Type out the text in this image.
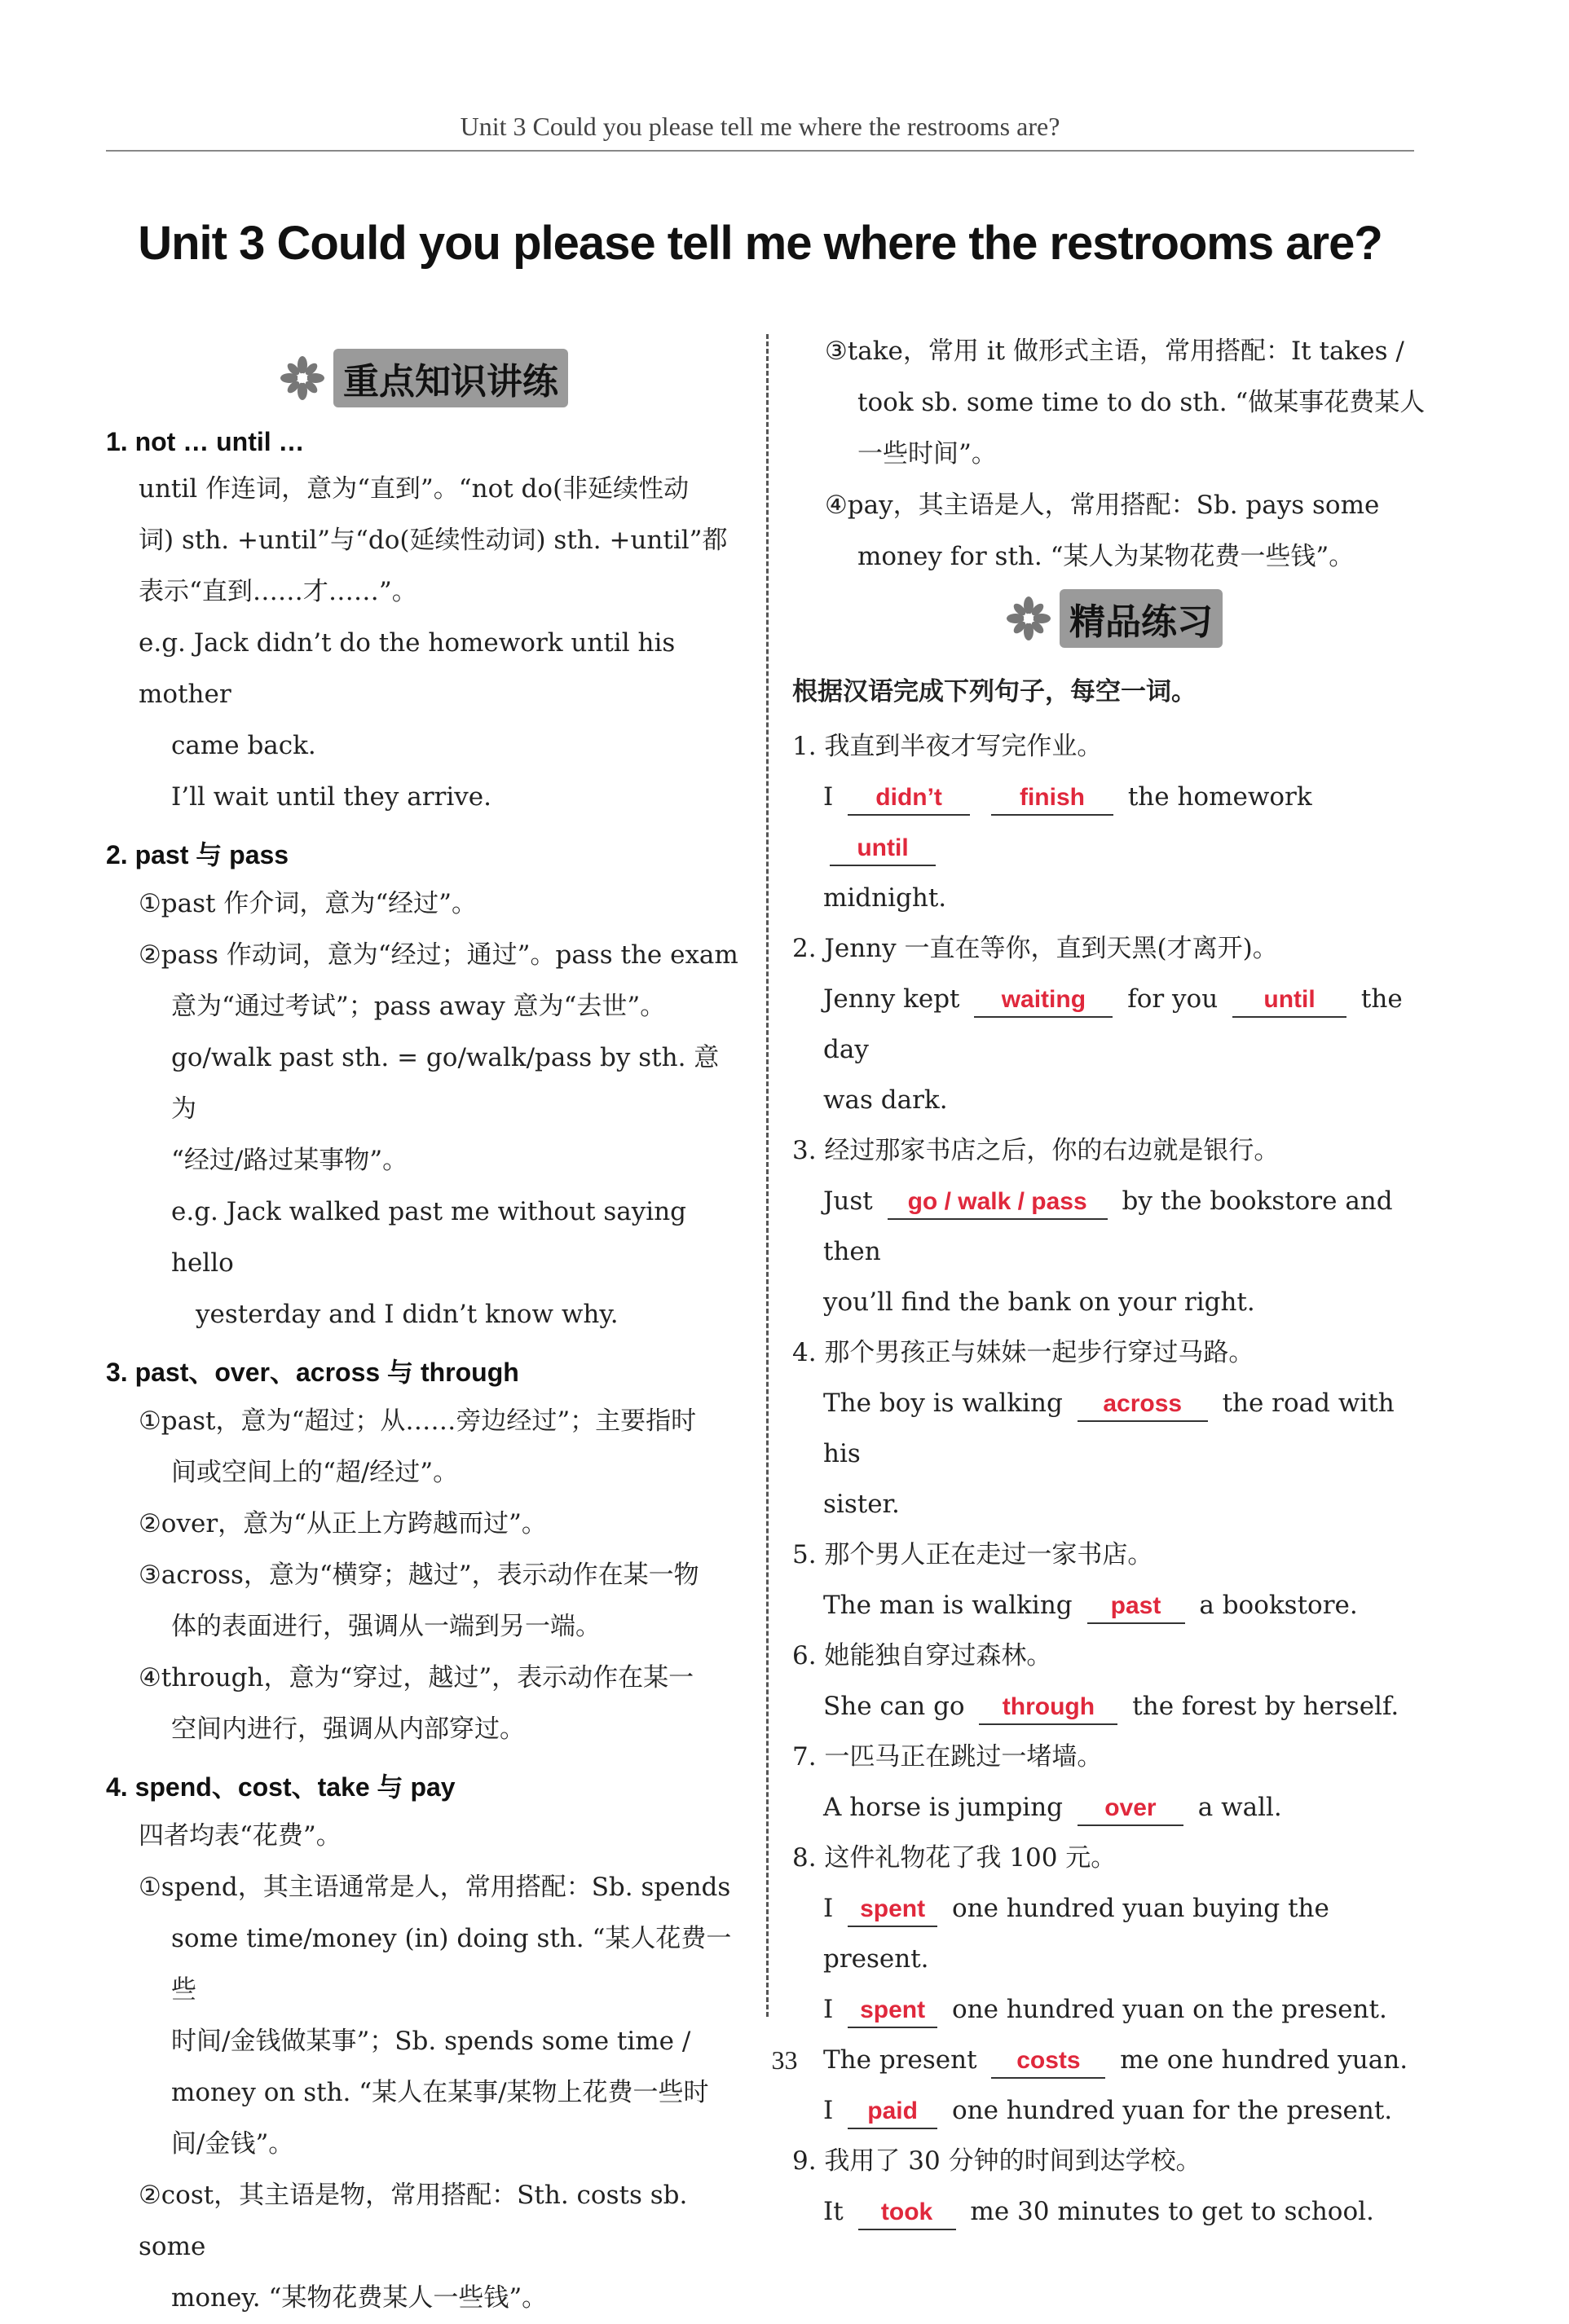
Unit 3 Could you please tell me where the restrooms are?
Unit 3 Could you please tell me where the restrooms are?
重点知识讲练
1. not … until …

until 作连词，意为“直到”。“not do(非延续性动

词) sth. +until”与“do(延续性动词) sth. +until”都

表示“直到……才……”。

e.g. Jack didn’t do the homework until his mother

came back.

I’ll wait until they arrive.

2. past 与 pass

①past 作介词，意为“经过”。

②pass 作动词，意为“经过；通过”。pass the exam

意为“通过考试”；pass away 意为“去世”。

go/walk past sth. = go/walk/pass by sth. 意为

“经过/路过某事物”。

e.g. Jack walked past me without saying hello

yesterday and I didn’t know why.

3. past、over、across 与 through

①past，意为“超过；从……旁边经过”；主要指时

间或空间上的“超/经过”。

②over，意为“从正上方跨越而过”。

③across，意为“横穿；越过”，表示动作在某一物

体的表面进行，强调从一端到另一端。

④through，意为“穿过，越过”，表示动作在某一

空间内进行，强调从内部穿过。

4. spend、cost、take 与 pay

四者均表“花费”。

①spend，其主语通常是人，常用搭配：Sb. spends

some time/money (in) doing sth. “某人花费一些

时间/金钱做某事”；Sb. spends some time /

money on sth. “某人在某事/某物上花费一些时

间/金钱”。

②cost，其主语是物，常用搭配：Sth. costs sb. some

money. “某物花费某人一些钱”。

③take，常用 it 做形式主语，常用搭配：It takes /

took sb. some time to do sth. “做某事花费某人

一些时间”。

④pay，其主语是人，常用搭配：Sb. pays some

money for sth. “某人为某物花费一些钱”。

精品练习
根据汉语完成下列句子，每空一词。
1. 我直到半夜才写完作业。
I didn’t	finish the homework until
midnight.
2. Jenny 一直在等你，直到天黑(才离开)。
Jenny kept waiting for you until the day
was dark.
3. 经过那家书店之后，你的右边就是银行。
Just go / walk / pass by the bookstore and then
you’ll find the bank on your right.
4. 那个男孩正与妹妹一起步行穿过马路。
The boy is walking across the road with his
sister.
5. 那个男人正在走过一家书店。
The man is walking past a bookstore.
6. 她能独自穿过森林。
She can go through the forest by herself.
7. 一匹马正在跳过一堵墙。
A horse is jumping over a wall.
8. 这件礼物花了我 100 元。
I spent one hundred yuan buying the present.
I spent one hundred yuan on the present.
The present costs me one hundred yuan.
I paid one hundred yuan for the present.
9. 我用了 30 分钟的时间到达学校。
It took me 30 minutes to get to school.
33
